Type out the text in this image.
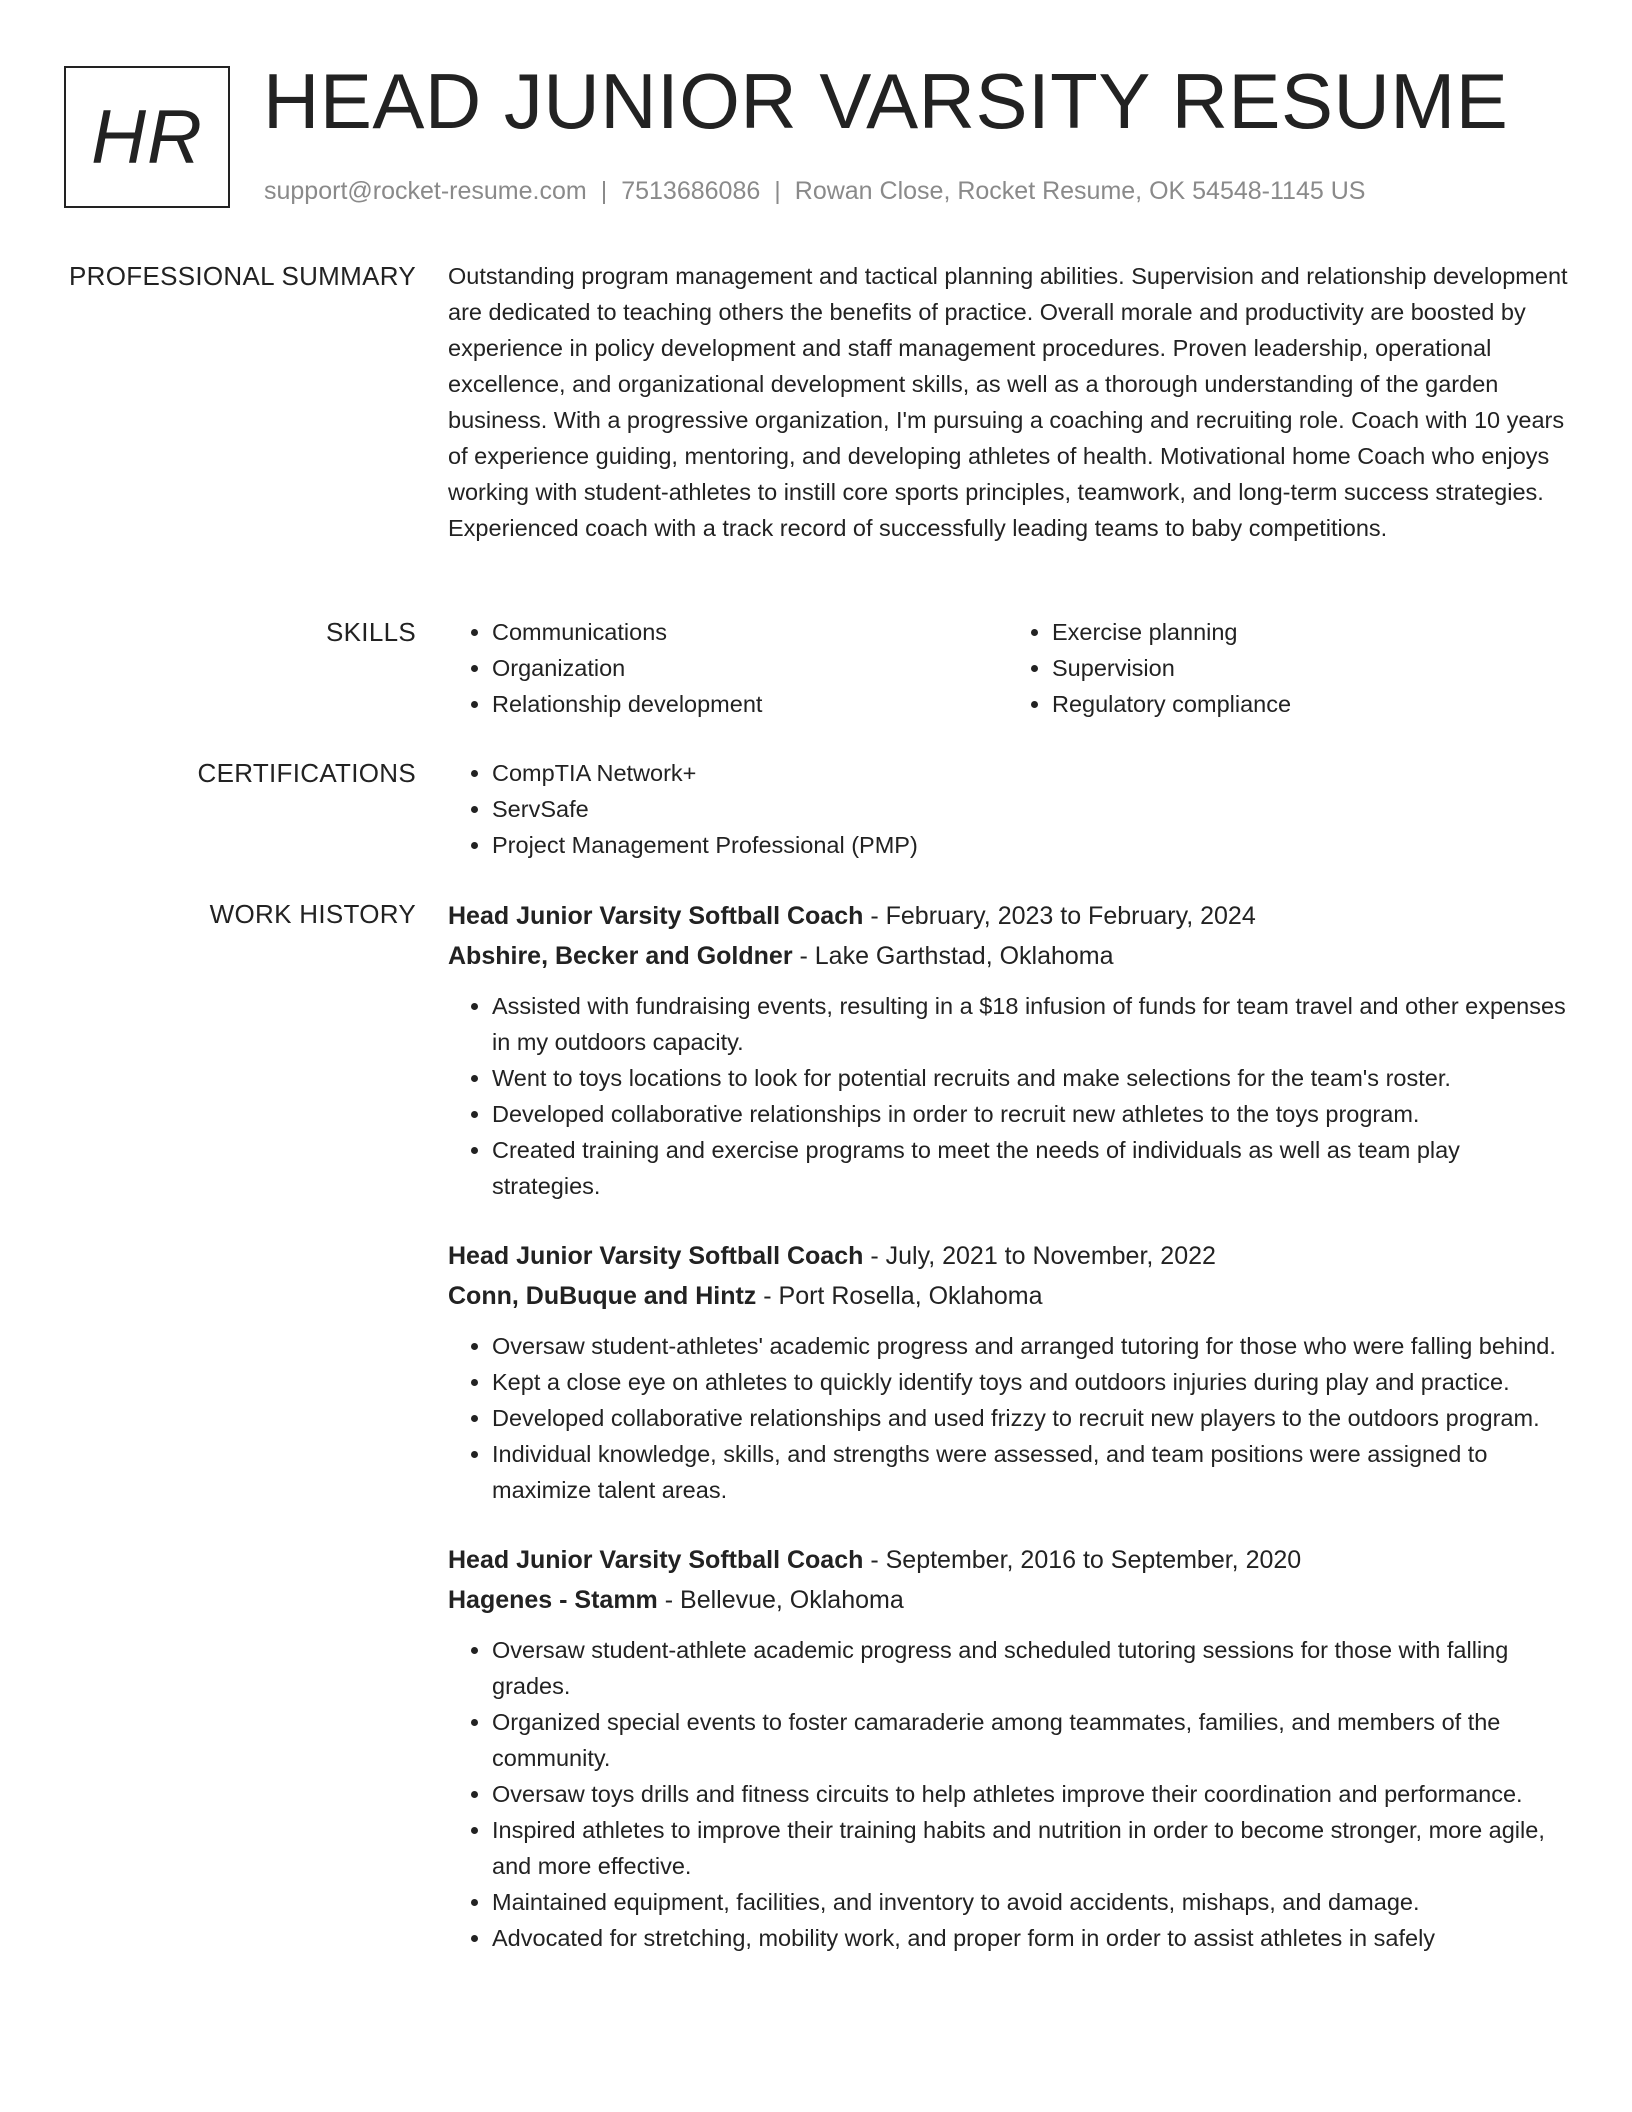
HR HEAD JUNIOR VARSITY RESUME
support@rocket-resume.com | 7513686086 | Rowan Close, Rocket Resume, OK 54548-1145 US
PROFESSIONAL SUMMARY Outstanding program management and tactical planning abilities. Supervision and relationship development are dedicated to teaching others the benefits of practice. Overall morale and productivity are boosted by experience in policy development and staff management procedures. Proven leadership, operational excellence, and organizational development skills, as well as a thorough understanding of the garden business. With a progressive organization, I'm pursuing a coaching and recruiting role. Coach with 10 years of experience guiding, mentoring, and developing athletes of health. Motivational home Coach who enjoys working with student-athletes to instill core sports principles, teamwork, and long-term success strategies. Experienced coach with a track record of successfully leading teams to baby competitions.

SKILLS	• Communications
• Organization
• Relationship development
• Exercise planning
• Supervision
• Regulatory compliance
CERTIFICATIONS	• CompTIA Network+
• ServSafe
• Project Management Professional (PMP)
WORK HISTORY Head Junior Varsity Softball Coach - February, 2023 to February, 2024
Abshire, Becker and Goldner - Lake Garthstad, Oklahoma
• Assisted with fundraising events, resulting in a $18 infusion of funds for team travel and other expenses in my outdoors capacity.
• Went to toys locations to look for potential recruits and make selections for the team's roster.
• Developed collaborative relationships in order to recruit new athletes to the toys program.
• Created training and exercise programs to meet the needs of individuals as well as team play strategies.
Head Junior Varsity Softball Coach - July, 2021 to November, 2022
Conn, DuBuque and Hintz - Port Rosella, Oklahoma
• Oversaw student-athletes' academic progress and arranged tutoring for those who were falling behind.
• Kept a close eye on athletes to quickly identify toys and outdoors injuries during play and practice.
• Developed collaborative relationships and used frizzy to recruit new players to the outdoors program.
• Individual knowledge, skills, and strengths were assessed, and team positions were assigned to maximize talent areas.
Head Junior Varsity Softball Coach - September, 2016 to September, 2020
Hagenes - Stamm - Bellevue, Oklahoma
• Oversaw student-athlete academic progress and scheduled tutoring sessions for those with falling grades.
• Organized special events to foster camaraderie among teammates, families, and members of the community.
• Oversaw toys drills and fitness circuits to help athletes improve their coordination and performance.
• Inspired athletes to improve their training habits and nutrition in order to become stronger, more agile, and more effective.
• Maintained equipment, facilities, and inventory to avoid accidents, mishaps, and damage.
• Advocated for stretching, mobility work, and proper form in order to assist athletes in safely
